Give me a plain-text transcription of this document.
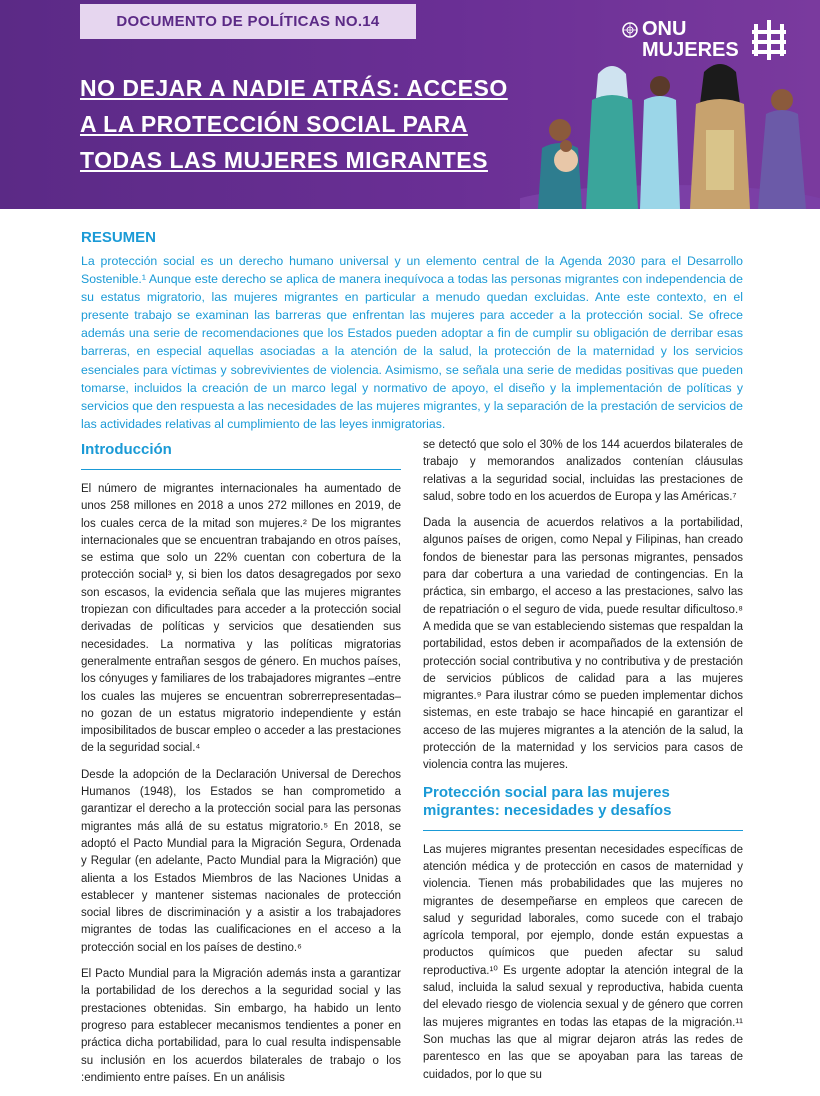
DOCUMENTO DE POLÍTICAS NO.14	ONU
MUJERES
NO DEJAR A NADIE ATRÁS: ACCESO
A LA PROTECCIÓN SOCIAL PARA
TODAS LAS MUJERES MIGRANTES
RESUMEN

La protección social es un derecho humano universal y un elemento central de la Agenda 2030 para el Desarrollo Sostenible.¹ Aunque este derecho se aplica de manera inequívoca a todas las personas migrantes con independencia de su estatus migratorio, las mujeres migrantes en particular a menudo quedan excluidas. Ante este contexto, en el presente trabajo se examinan las barreras que enfrentan las mujeres para acceder a la protección social. Se ofrece además una serie de recomendaciones que los Estados pueden adoptar a fin de cumplir su obligación de derribar esas barreras, en especial aquellas asociadas a la atención de la salud, la protección de la maternidad y los servicios esenciales para víctimas y sobrevivientes de violencia. Asimismo, se señala una serie de medidas positivas que pueden tomarse, incluidos la creación de un marco legal y normativo de apoyo, el diseño y la implementación de políticas y servicios que den respuesta a las necesidades de las mujeres migrantes, y la separación de la prestación de servicios de las actividades relativas al cumplimiento de las leyes inmigratorias.

Introducción

El número de migrantes internacionales ha aumentado de unos 258 millones en 2018 a unos 272 millones en 2019, de los cuales cerca de la mitad son mujeres.² De los migrantes internacionales que se encuentran trabajando en otros países, se estima que solo un 22% cuentan con cobertura de la protección social³ y, si bien los datos desagregados por sexo son escasos, la evidencia señala que las mujeres migrantes tropiezan con dificultades para acceder a la protección social derivadas de políticas y servicios que desatienden sus necesidades. La normativa y las políticas migratorias generalmente entrañan sesgos de género. En muchos países, los cónyuges y familiares de los trabajadores migrantes –entre los cuales las mujeres se encuentran sobrerrepresentadas– no gozan de un estatus migratorio independiente y están imposibilitados de buscar empleo o acceder a las prestaciones de la seguridad social.⁴

Desde la adopción de la Declaración Universal de Derechos Humanos (1948), los Estados se han comprometido a garantizar el derecho a la protección social para las personas migrantes más allá de su estatus migratorio.⁵ En 2018, se adoptó el Pacto Mundial para la Migración Segura, Ordenada y Regular (en adelante, Pacto Mundial para la Migración) que alienta a los Estados Miembros de las Naciones Unidas a establecer y mantener sistemas nacionales de protección social libres de discriminación y a asistir a los trabajadores migrantes de todas las cualificaciones en el acceso a la protección social en los países de destino.⁶

El Pacto Mundial para la Migración además insta a garantizar la portabilidad de los derechos a la seguridad social y las prestaciones obtenidas. Sin embargo, ha habido un lento progreso para establecer mecanismos tendientes a poner en práctica dicha portabilidad, para lo cual resulta indispensable su inclusión en los acuerdos bilaterales de trabajo o los :endimiento entre países. En un análisis

se detectó que solo el 30% de los 144 acuerdos bilaterales de trabajo y memorandos analizados contenían cláusulas relativas a la seguridad social, incluidas las prestaciones de salud, sobre todo en los acuerdos de Europa y las Américas.⁷

Dada la ausencia de acuerdos relativos a la portabilidad, algunos países de origen, como Nepal y Filipinas, han creado fondos de bienestar para las personas migrantes, pensados para dar cobertura a una variedad de contingencias. En la práctica, sin embargo, el acceso a las prestaciones, salvo las de repatriación o el seguro de vida, puede resultar dificultoso.⁸ A medida que se van estableciendo sistemas que respaldan la portabilidad, estos deben ir acompañados de la extensión de protección social contributiva y no contributiva y de prestación de servicios públicos de calidad para a las mujeres migrantes.⁹ Para ilustrar cómo se pueden implementar dichos sistemas, en este trabajo se hace hincapié en garantizar el acceso de las mujeres migrantes a la atención de la salud, la protección de la maternidad y los servicios para casos de violencia contra las mujeres.

Protección social para las mujeres migrantes: necesidades y desafíos

Las mujeres migrantes presentan necesidades específicas de atención médica y de protección en casos de maternidad y violencia. Tienen más probabilidades que las mujeres no migrantes de desempeñarse en empleos que carecen de salud y seguridad laborales, como sucede con el trabajo agrícola temporal, por ejemplo, donde están expuestas a productos químicos que pueden afectar su salud reproductiva.¹⁰ Es urgente adoptar la atención integral de la salud, incluida la salud sexual y reproductiva, habida cuenta del elevado riesgo de violencia sexual y de género que corren las mujeres migrantes en todas las etapas de la migración.¹¹ Son muchas las que al migrar dejaron atrás las redes de parentesco en las que se apoyaban para las tareas de cuidados, por lo que su
